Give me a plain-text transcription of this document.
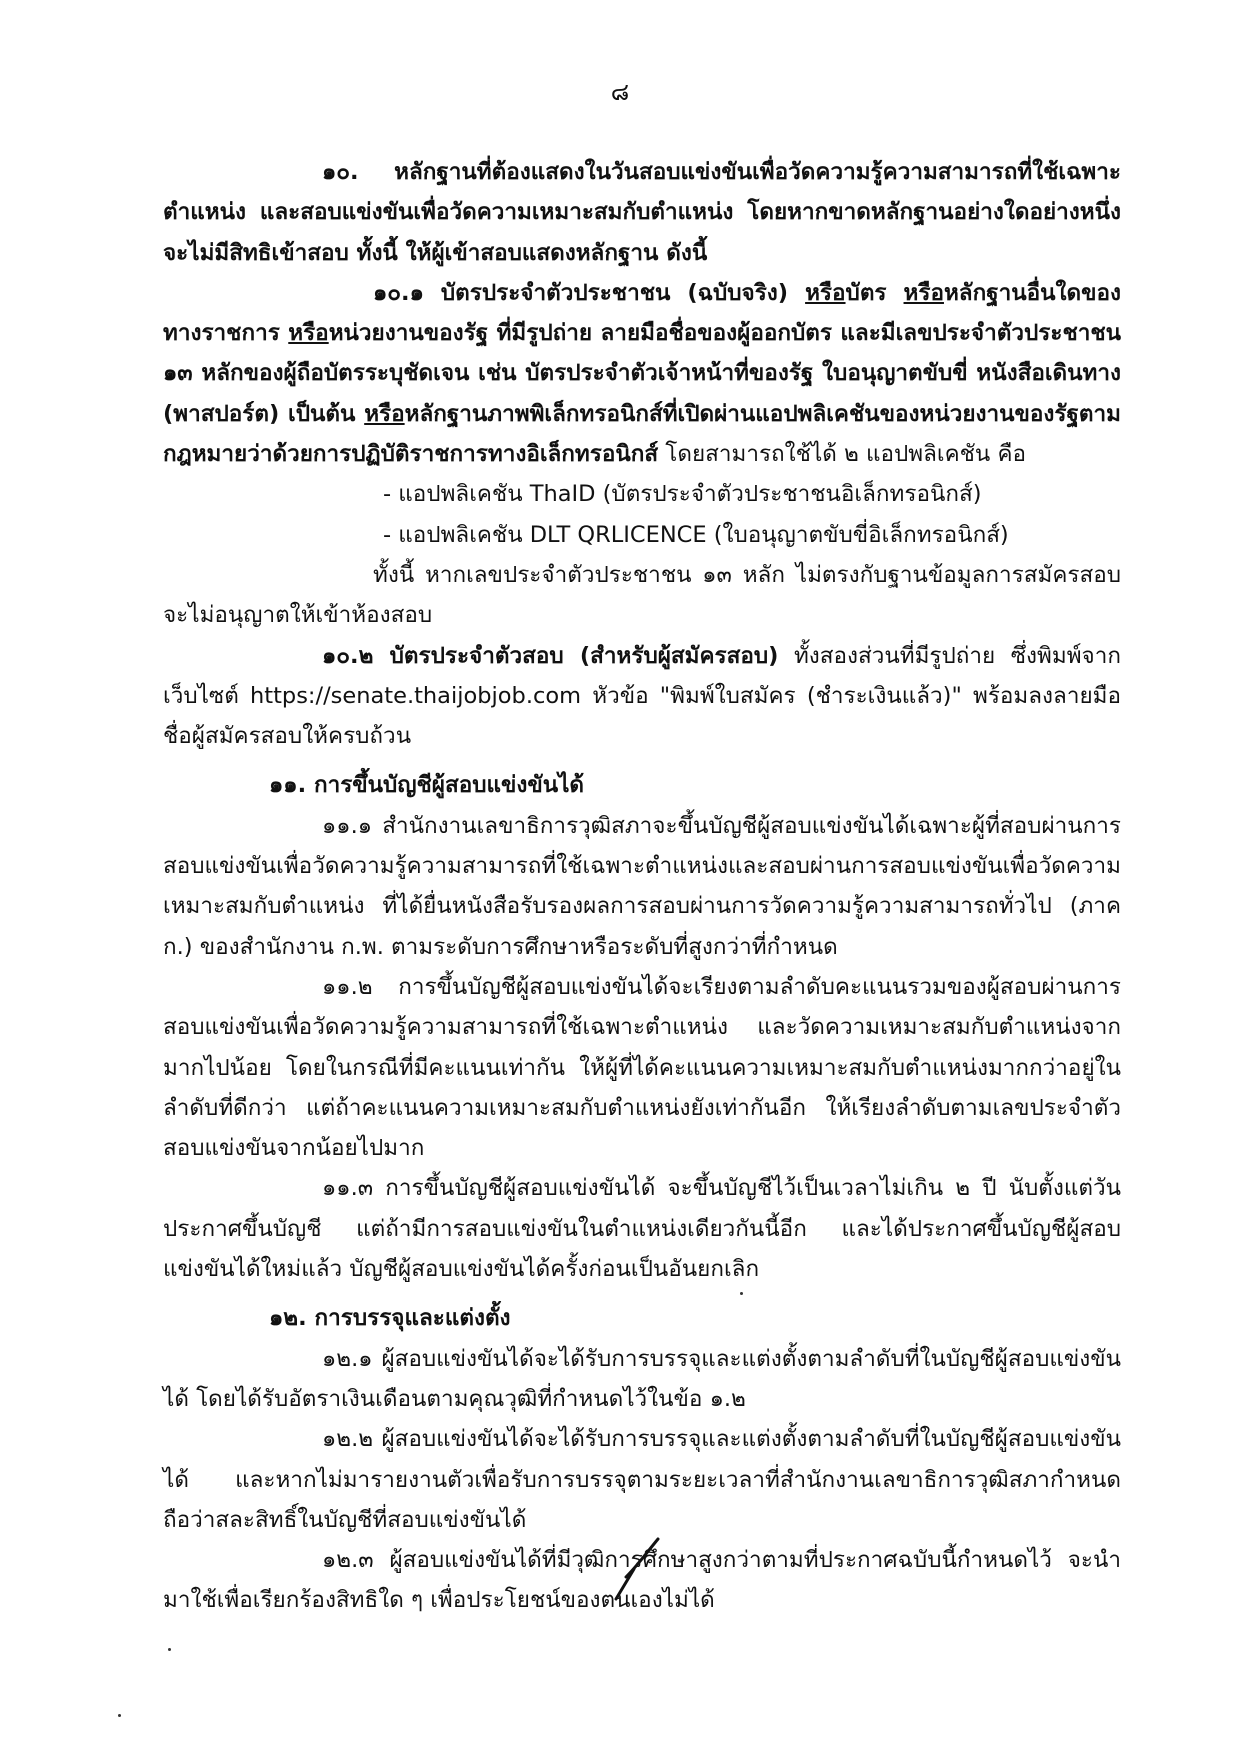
๘

๑๐. หลักฐานที่ต้องแสดงในวันสอบแข่งขันเพื่อวัดความรู้ความสามารถที่ใช้เฉพาะตำแหน่ง และสอบแข่งขันเพื่อวัดความเหมาะสมกับตำแหน่ง โดยหากขาดหลักฐานอย่างใดอย่างหนึ่ง จะไม่มีสิทธิเข้าสอบ ทั้งนี้ ให้ผู้เข้าสอบแสดงหลักฐาน ดังนี้

๑๐.๑ บัตรประจำตัวประชาชน (ฉบับจริง) หรือบัตร หรือหลักฐานอื่นใดของทางราชการ หรือหน่วยงานของรัฐ ที่มีรูปถ่าย ลายมือชื่อของผู้ออกบัตร และมีเลขประจำตัวประชาชน ๑๓ หลักของผู้ถือบัตรระบุชัดเจน เช่น บัตรประจำตัวเจ้าหน้าที่ของรัฐ ใบอนุญาตขับขี่ หนังสือเดินทาง (พาสปอร์ต) เป็นต้น หรือหลักฐานภาพพิเล็กทรอนิกส์ที่เปิดผ่านแอปพลิเคชันของหน่วยงานของรัฐตามกฎหมายว่าด้วยการปฏิบัติราชการทางอิเล็กทรอนิกส์ โดยสามารถใช้ได้ ๒ แอปพลิเคชัน คือ

- แอปพลิเคชัน ThaID (บัตรประจำตัวประชาชนอิเล็กทรอนิกส์)

- แอปพลิเคชัน DLT QRLICENCE (ใบอนุญาตขับขี่อิเล็กทรอนิกส์)

ทั้งนี้ หากเลขประจำตัวประชาชน ๑๓ หลัก ไม่ตรงกับฐานข้อมูลการสมัครสอบ จะไม่อนุญาตให้เข้าห้องสอบ

๑๐.๒ บัตรประจำตัวสอบ (สำหรับผู้สมัครสอบ) ทั้งสองส่วนที่มีรูปถ่าย ซึ่งพิมพ์จากเว็บไซต์ https://senate.thaijobjob.com หัวข้อ "พิมพ์ใบสมัคร (ชำระเงินแล้ว)" พร้อมลงลายมือชื่อผู้สมัครสอบให้ครบถ้วน

๑๑. การขึ้นบัญชีผู้สอบแข่งขันได้

๑๑.๑ สำนักงานเลขาธิการวุฒิสภาจะขึ้นบัญชีผู้สอบแข่งขันได้เฉพาะผู้ที่สอบผ่านการสอบแข่งขันเพื่อวัดความรู้ความสามารถที่ใช้เฉพาะตำแหน่งและสอบผ่านการสอบแข่งขันเพื่อวัดความเหมาะสมกับตำแหน่ง ที่ได้ยื่นหนังสือรับรองผลการสอบผ่านการวัดความรู้ความสามารถทั่วไป (ภาค ก.) ของสำนักงาน ก.พ. ตามระดับการศึกษาหรือระดับที่สูงกว่าที่กำหนด

๑๑.๒ การขึ้นบัญชีผู้สอบแข่งขันได้จะเรียงตามลำดับคะแนนรวมของผู้สอบผ่านการสอบแข่งขันเพื่อวัดความรู้ความสามารถที่ใช้เฉพาะตำแหน่ง และวัดความเหมาะสมกับตำแหน่งจากมากไปน้อย โดยในกรณีที่มีคะแนนเท่ากัน ให้ผู้ที่ได้คะแนนความเหมาะสมกับตำแหน่งมากกว่าอยู่ในลำดับที่ดีกว่า แต่ถ้าคะแนนความเหมาะสมกับตำแหน่งยังเท่ากันอีก ให้เรียงลำดับตามเลขประจำตัวสอบแข่งขันจากน้อยไปมาก

๑๑.๓ การขึ้นบัญชีผู้สอบแข่งขันได้ จะขึ้นบัญชีไว้เป็นเวลาไม่เกิน ๒ ปี นับตั้งแต่วันประกาศขึ้นบัญชี แต่ถ้ามีการสอบแข่งขันในตำแหน่งเดียวกันนี้อีก และได้ประกาศขึ้นบัญชีผู้สอบแข่งขันได้ใหม่แล้ว บัญชีผู้สอบแข่งขันได้ครั้งก่อนเป็นอันยกเลิก

๑๒. การบรรจุและแต่งตั้ง

๑๒.๑ ผู้สอบแข่งขันได้จะได้รับการบรรจุและแต่งตั้งตามลำดับที่ในบัญชีผู้สอบแข่งขันได้ โดยได้รับอัตราเงินเดือนตามคุณวุฒิที่กำหนดไว้ในข้อ ๑.๒

๑๒.๒ ผู้สอบแข่งขันได้จะได้รับการบรรจุและแต่งตั้งตามลำดับที่ในบัญชีผู้สอบแข่งขันได้ และหากไม่มารายงานตัวเพื่อรับการบรรจุตามระยะเวลาที่สำนักงานเลขาธิการวุฒิสภากำหนด ถือว่าสละสิทธิ์ในบัญชีที่สอบแข่งขันได้

๑๒.๓ ผู้สอบแข่งขันได้ที่มีวุฒิการศึกษาสูงกว่าตามที่ประกาศฉบับนี้กำหนดไว้ จะนำมาใช้เพื่อเรียกร้องสิทธิใด ๆ เพื่อประโยชน์ของตนเองไม่ได้
